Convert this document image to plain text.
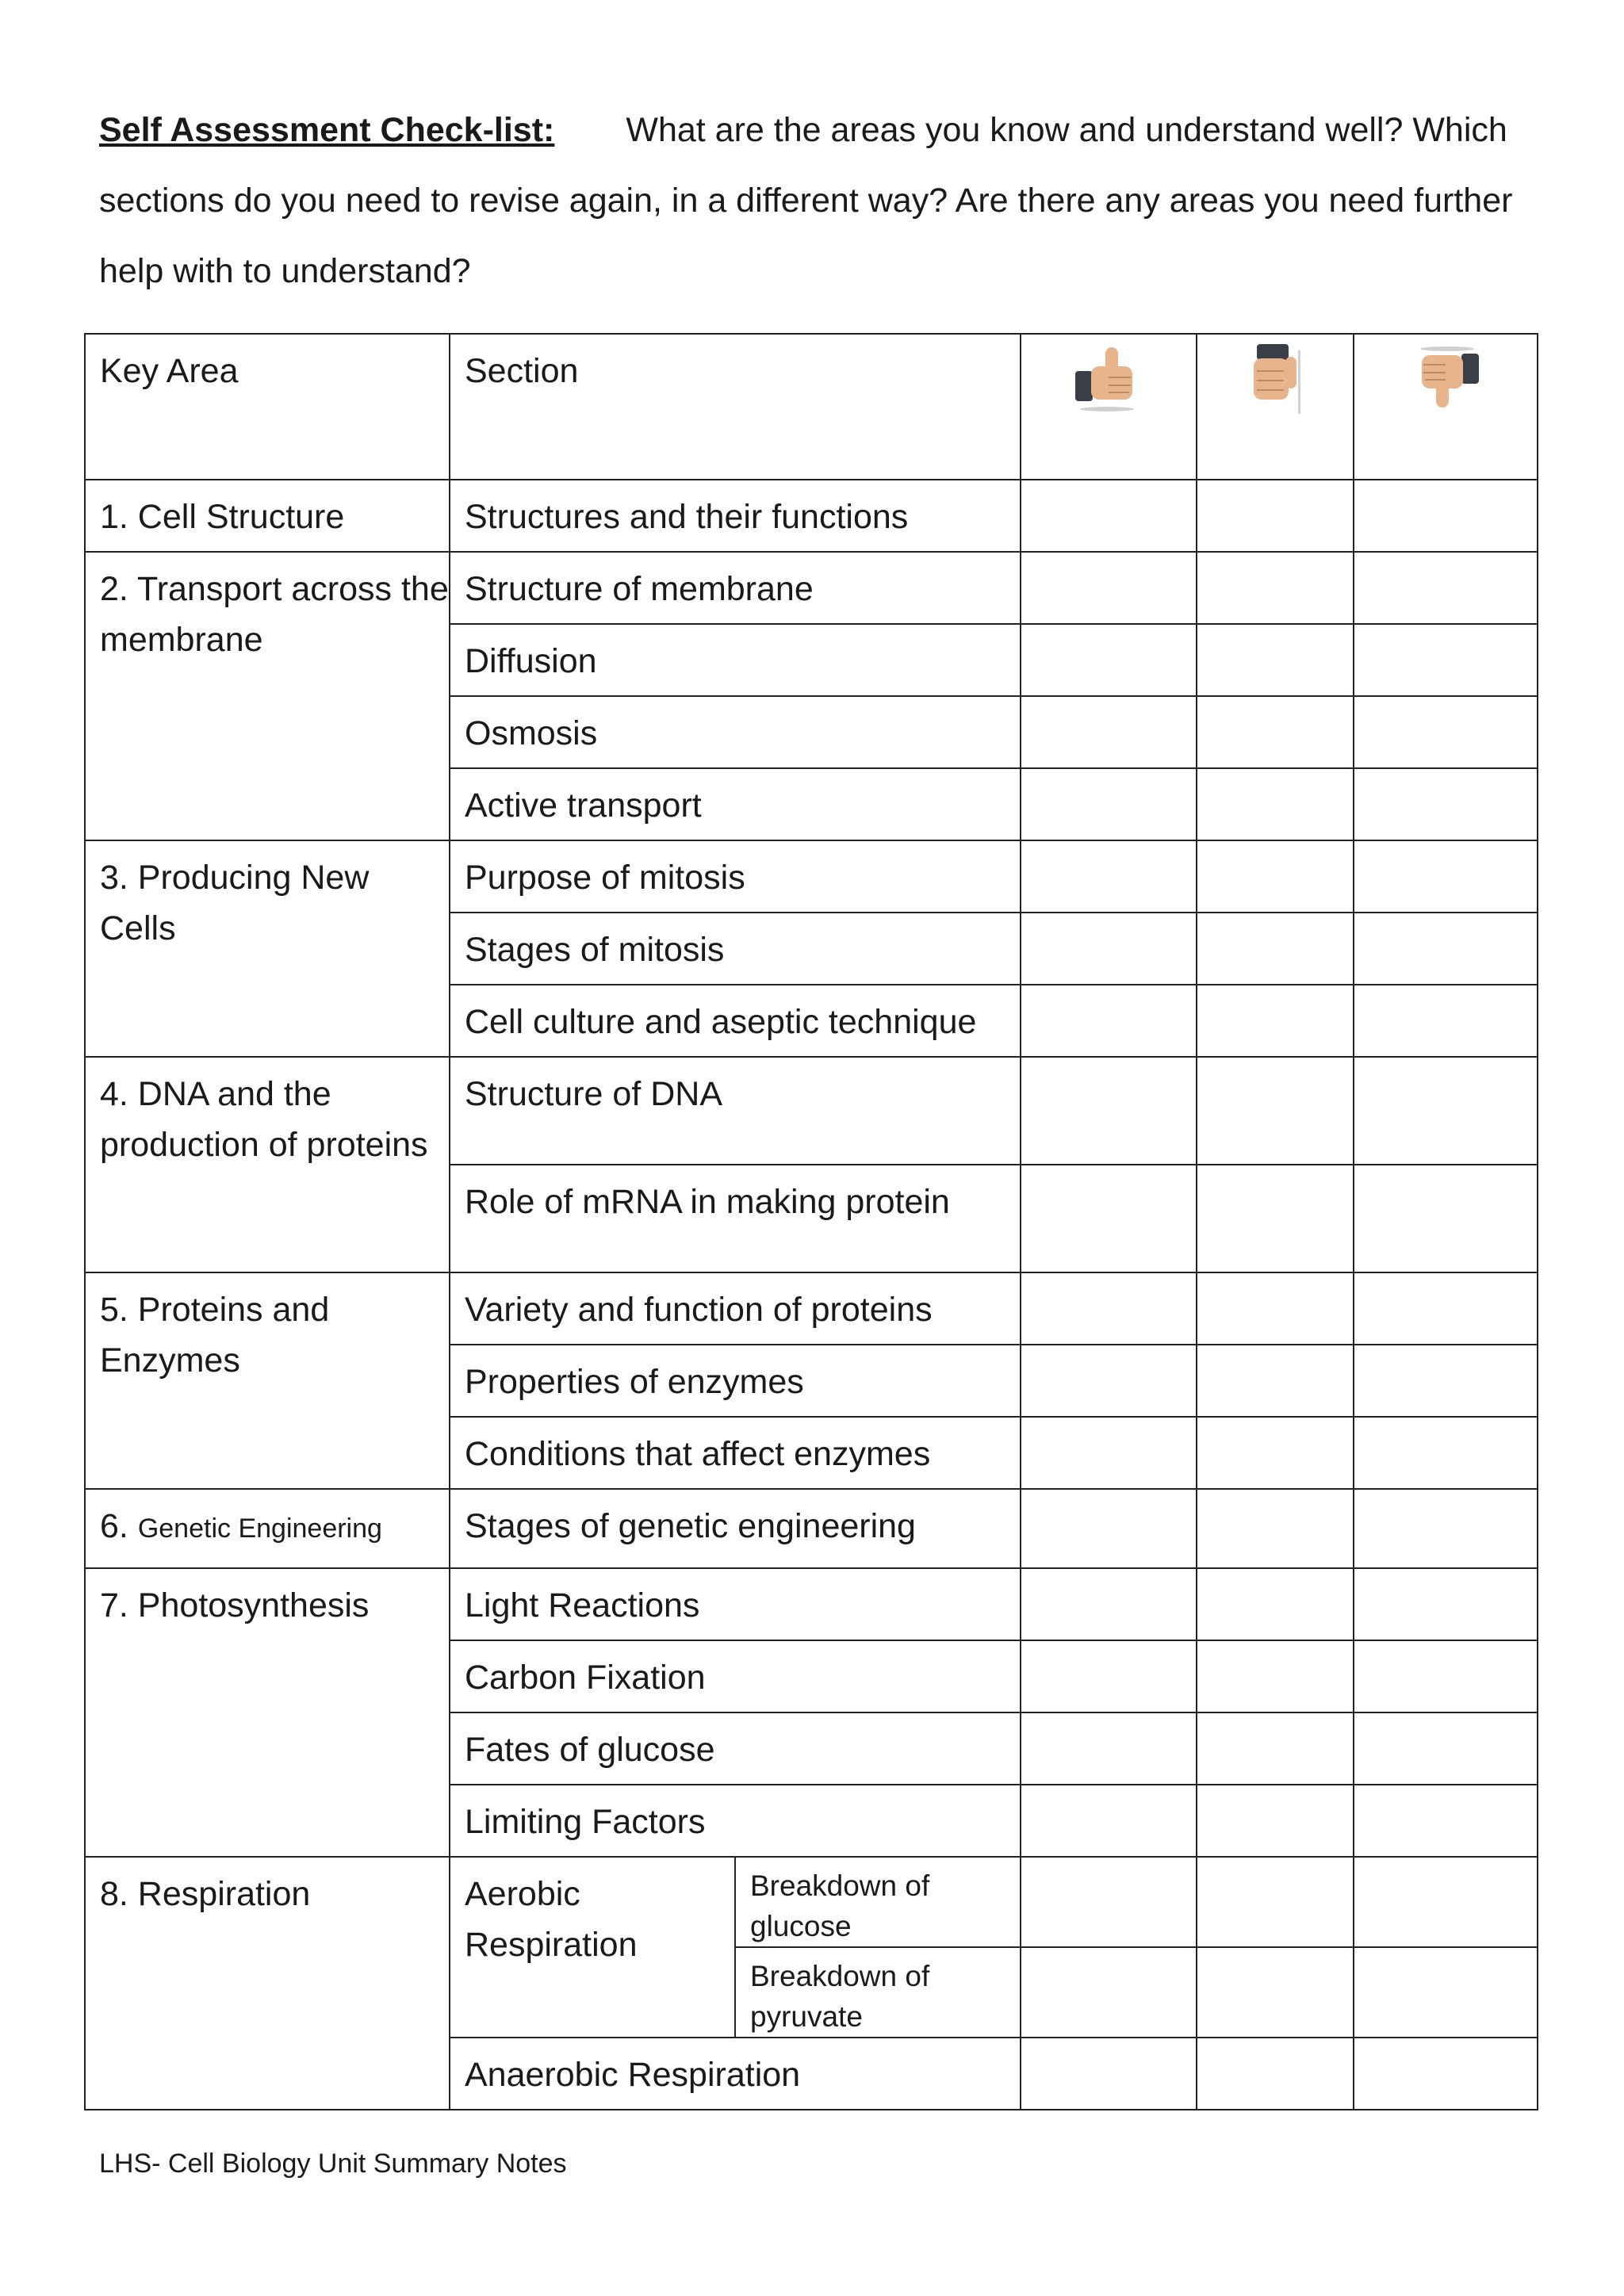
Self Assessment Check-list: What are the areas you know and understand well? Which sections do you need to revise again, in a different way? Are there any areas you need further help with to understand?

Key Area	Section			
1. Cell Structure	Structures and their functions				
2. Transport across the membrane	Structure of membrane				
	Diffusion				
	Osmosis				
	Active transport				
3. Producing New Cells	Purpose of mitosis				
	Stages of mitosis				
	Cell culture and aseptic technique				
4. DNA and the production of proteins	Structure of DNA				
	Role of mRNA in making protein				
5. Proteins and Enzymes	Variety and function of proteins				
	Properties of enzymes				
	Conditions that affect enzymes				
6. Genetic Engineering	Stages of genetic engineering				
7. Photosynthesis	Light Reactions				
	Carbon Fixation				
	Fates of glucose				
	Limiting Factors				
8. Respiration	Aerobic Respiration	Breakdown of glucose			
		Breakdown of pyruvate			
	Anaerobic Respiration				

LHS- Cell Biology Unit Summary Notes
